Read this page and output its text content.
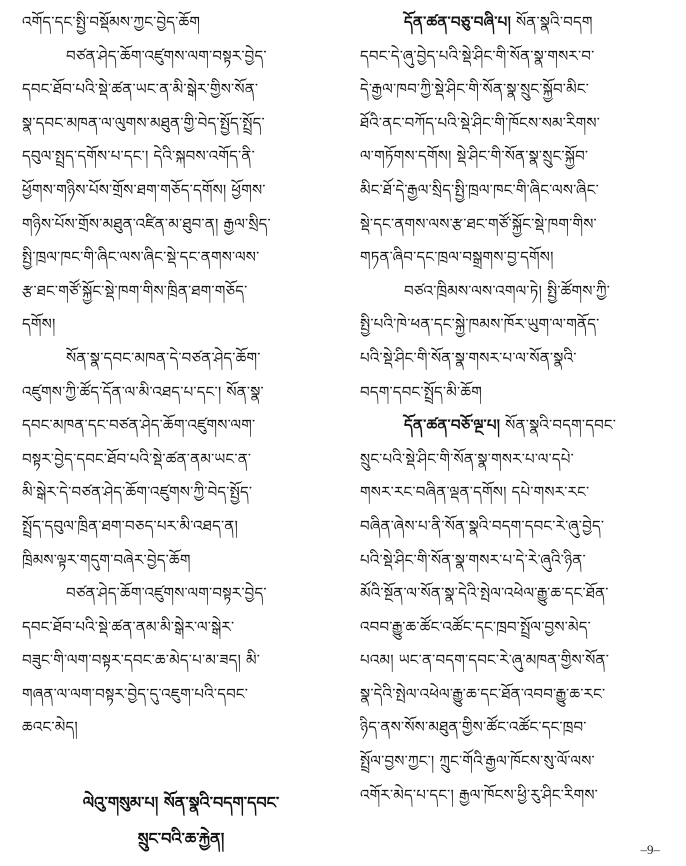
འགོད་དང་སྤྱི་བསྡོམས་ཀྱང་བྱེད་ཆོག
བཙན་ཤེད་ཆོག་འཛུགས་ལག་བསྟར་བྱེད་
དབང་ཐོབ་པའི་སྡེ་ཚན་ཡང་ན་མི་སྒེར་གྱིས་སོན་
སྣ་དབང་མཁན་ལ་ལུགས་མཐུན་གྱི་བེད་སྤྱོད་སྤྲོད་
དབུལ་སྤྲད་དགོས་པ་དང་། དེའི་སྐབས་འགོད་ནི་
ཕྱོགས་གཉིས་པོས་གྲོས་ཐག་གཅོད་དགོས། ཕྱོགས་
གཉིས་པོས་གྲོས་མཐུན་འཛིན་མ་ཐུབ་ན། རྒྱལ་སྲིད་
སྤྱི་ཁྲལ་ཁང་གི་ཞིང་ལས་ཞིང་སྡེ་དང་ནགས་ལས་
རྩ་ཐང་གཙོ་སྐྱོང་སྡེ་ཁག་གིས་ཁྲིན་ཐག་གཅོད་
དགོས།
སོན་སྣ་དབང་མཁན་དེ་བཙན་ཤེད་ཆོག་
འཛུགས་ཀྱི་ཚོད་དོན་ལ་མི་འཐད་པ་དང་། སོན་སྣ་
དབང་མཁན་དང་བཙན་ཤེད་ཆོག་འཛུགས་ལག་
བསྟར་བྱེད་དབང་ཐོབ་པའི་སྡེ་ཚན་ནམ་ཡང་ན་
མི་སྒེར་དེ་བཙན་ཤེད་ཆོག་འཛུགས་ཀྱི་བེད་སྤྱོད་
སྤྲོད་དབུལ་ཁྲིན་ཐག་བཅད་པར་མི་འཐད་ན།
ཁྲིམས་ལྟར་གདུག་བཞེར་བྱེད་ཆོག
བཙན་ཤེད་ཆོག་འཛུགས་ལག་བསྟར་བྱེད་
དབང་ཐོབ་པའི་སྡེ་ཚན་ནམ་མི་སྒེར་ལ་སྒེར་
བཟུང་གི་ལག་བསྟར་དབང་ཆ་མེད་པ་མ་ཟད། མི་
གཞན་ལ་ལག་བསྟར་བྱེད་དུ་འཇུག་པའི་དབང་
ཆའང་མེད།
ལེའུ་གསུམ་པ། སོན་སྣའི་བདག་དབང་
སྲུང་བའི་ཆ་རྐྱེན།
དོན་ཚན་བཅུ་བཞི་པ། སོན་སྣའི་བདག
དབང་དེ་ཞུ་བྱེད་པའི་སྡེ་ཤིང་གི་སོན་སྣ་གསར་བ་
དེ་རྒྱལ་ཁབ་ཀྱི་སྡེ་ཤིང་གི་སོན་སྣ་སྲུང་སྐྱོབ་མིང་
ཐོའི་ནང་བཀོད་པའི་སྡེ་ཤིང་གི་ཁོངས་སམ་རིགས་
ལ་གཏོགས་དགོས། སྡེ་ཤིང་གི་སོན་སྣ་སྲུང་སྐྱོབ་
མིང་ཐོ་དེ་རྒྱལ་སྲིད་སྤྱི་ཁྲལ་ཁང་གི་ཞིང་ལས་ཞིང་
སྡེ་དང་ནགས་ལས་རྩ་ཐང་གཙོ་སྐྱོང་སྡེ་ཁག་གིས་
གཏན་ཞིབ་དང་ཁྲལ་བསྒྲགས་བྱ་དགོས།
བཙའ་ཁྲིམས་ལས་འགལ་ཏེ། སྤྱི་ཚོགས་ཀྱི་
སྤྱི་པའི་ཁེ་ཕན་དང་སྐྱེ་ཁམས་ཁོར་ཡུག་ལ་གནོད་
པའི་སྡེ་ཤིང་གི་སོན་སྣ་གསར་པ་ལ་སོན་སྣའི་
བདག་དབང་སྤྲོད་མི་ཆོག
དོན་ཚན་བཅོ་ལྔ་པ། སོན་སྣའི་བདག་དབང་
སྲུང་པའི་སྡེ་ཤིང་གི་སོན་སྣ་གསར་པ་ལ་དཔེ་
གསར་རང་བཞིན་ལྡན་དགོས། དཔེ་གསར་རང་
བཞིན་ཞེས་པ་ནི་སོན་སྣའི་བདག་དབང་རེ་ཞུ་བྱེད་
པའི་སྡེ་ཤིང་གི་སོན་སྣ་གསར་པ་དེ་རེ་ཞུའི་ཉིན་
མོའི་སྔོན་ལ་སོན་སྣ་དེའི་སྤེལ་འཕེལ་རྒྱུ་ཆ་དང་ཐོན་
འབབ་རྒྱུ་ཆ་ཚོང་འཚོང་དང་ཁྲབ་སྤྲོལ་བྱས་མེད་
པའམ། ཡང་ན་བདག་དབང་རེ་ཞུ་མཁན་གྱིས་སོན་
སྣ་དེའི་སྤེལ་འཕེལ་རྒྱུ་ཆ་དང་ཐོན་འབབ་རྒྱུ་ཆ་རང་
ཉིད་ནས་སོས་མཐུན་གྱིས་ཚོང་འཚོང་དང་ཁྲབ་
སྤྲོལ་བྱས་ཀྱང་། ཀྲུང་གོའི་རྒྱལ་ཁོངས་སུ་ལོ་ལས་
འགོར་མེད་པ་དང་། རྒྱལ་ཁོངས་ཕྱི་རུ་ཤིང་རིགས་
–9–
